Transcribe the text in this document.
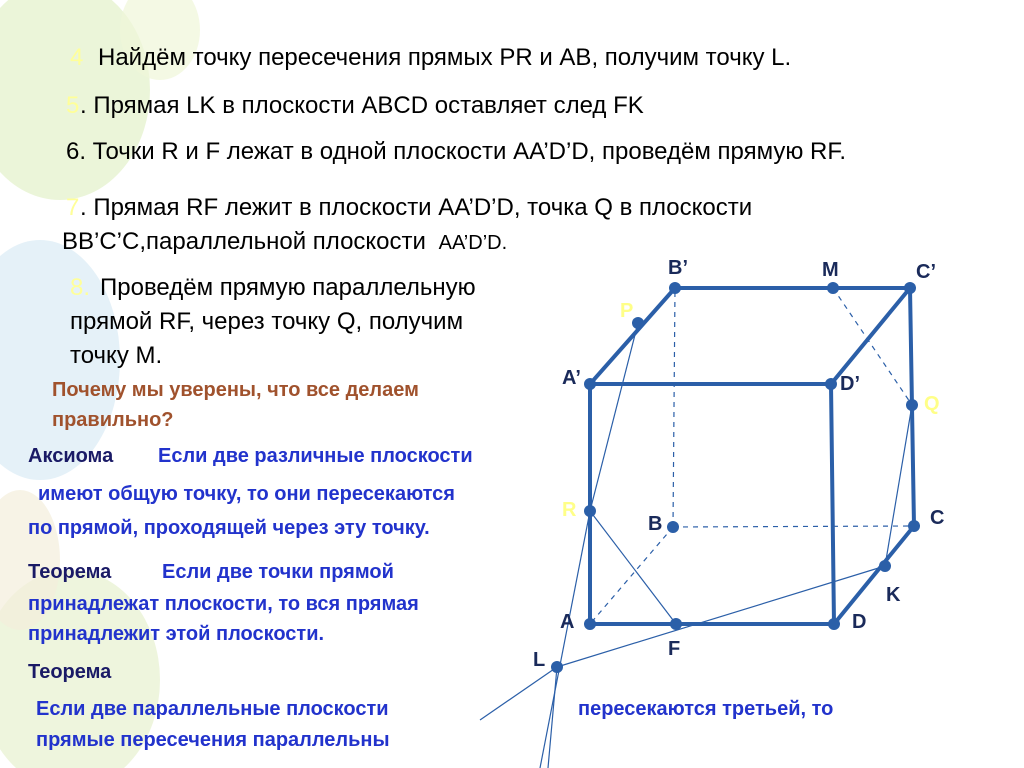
4 Найдём точку пересечения прямых PR и AB, получим точку L.
5 . Прямая LK в плоскости ABCD оставляет след FK
6. Точки R и F лежат в одной плоскости AA’D’D, проведём прямую RF.
7 . Прямая RF лежит в плоскости AA’D’D, точка Q в плоскости
BB’C’C,параллельной плоскости AA’D’D.
8. Проведём прямую параллельную
прямой RF, через точку Q, получим
точку М.
Почему мы уверены, что все делаем
правильно?
Аксиома Если две различные плоскости
имеют общую точку, то они пересекаются
по прямой, проходящей через эту точку.
Теорема	Если две точки прямой
принадлежат плоскости, то вся прямая
принадлежит этой плоскости.
Теорема
Если две параллельные плоскости	пересекаются третьей, то
прямые пересечения параллельны
B’	M	C’
P
A’	D’
Q
R
B	C
K
A	D
F
L
